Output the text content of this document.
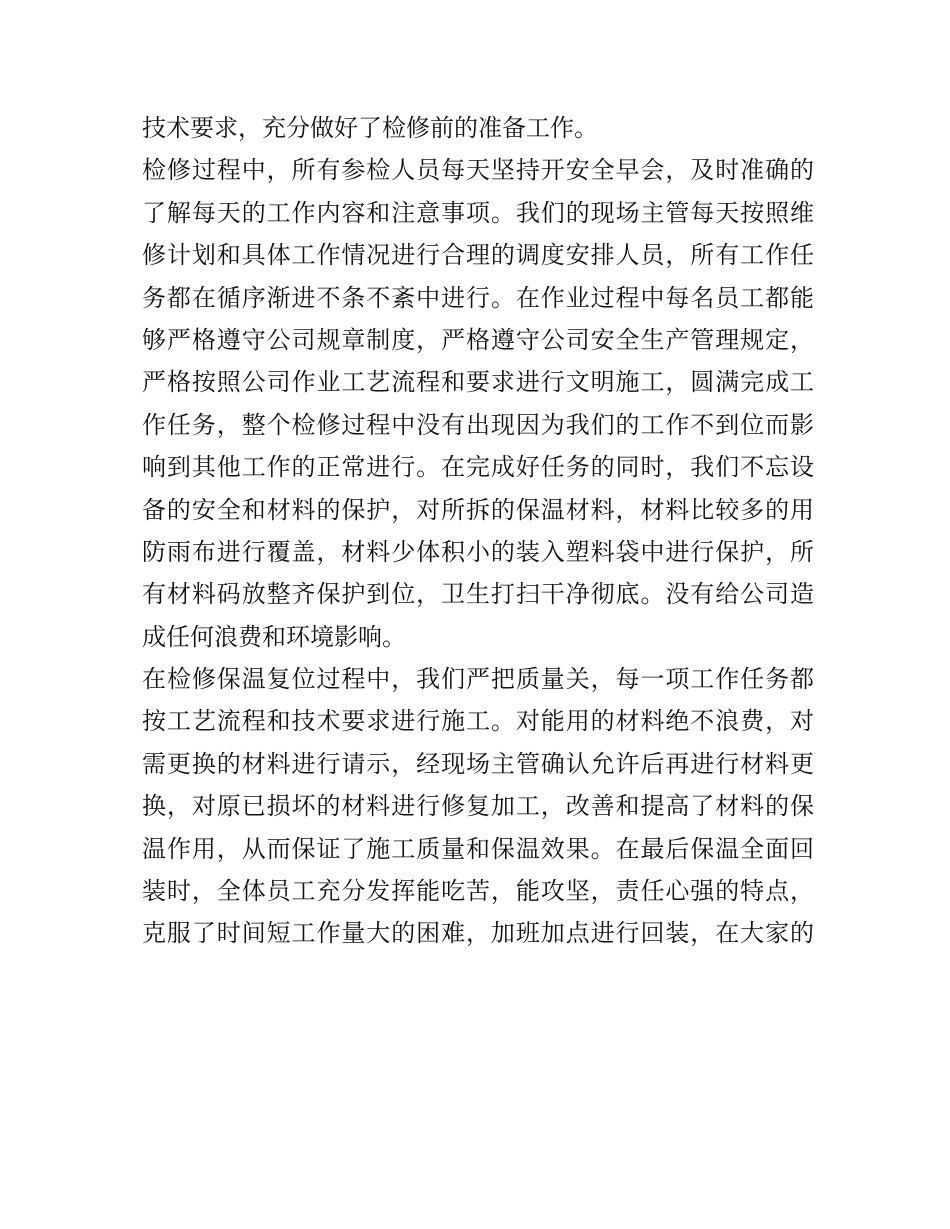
技术要求，充分做好了检修前的准备工作。
检修过程中，所有参检人员每天坚持开安全早会，及时准确的
了解每天的工作内容和注意事项。我们的现场主管每天按照维
修计划和具体工作情况进行合理的调度安排人员，所有工作任
务都在循序渐进不条不紊中进行。在作业过程中每名员工都能
够严格遵守公司规章制度，严格遵守公司安全生产管理规定，
严格按照公司作业工艺流程和要求进行文明施工，圆满完成工
作任务，整个检修过程中没有出现因为我们的工作不到位而影
响到其他工作的正常进行。在完成好任务的同时，我们不忘设
备的安全和材料的保护，对所拆的保温材料，材料比较多的用
防雨布进行覆盖，材料少体积小的装入塑料袋中进行保护，所
有材料码放整齐保护到位，卫生打扫干净彻底。没有给公司造
成任何浪费和环境影响。
在检修保温复位过程中，我们严把质量关，每一项工作任务都
按工艺流程和技术要求进行施工。对能用的材料绝不浪费，对
需更换的材料进行请示，经现场主管确认允许后再进行材料更
换，对原已损坏的材料进行修复加工，改善和提高了材料的保
温作用，从而保证了施工质量和保温效果。在最后保温全面回
装时，全体员工充分发挥能吃苦，能攻坚，责任心强的特点，
克服了时间短工作量大的困难，加班加点进行回装，在大家的
